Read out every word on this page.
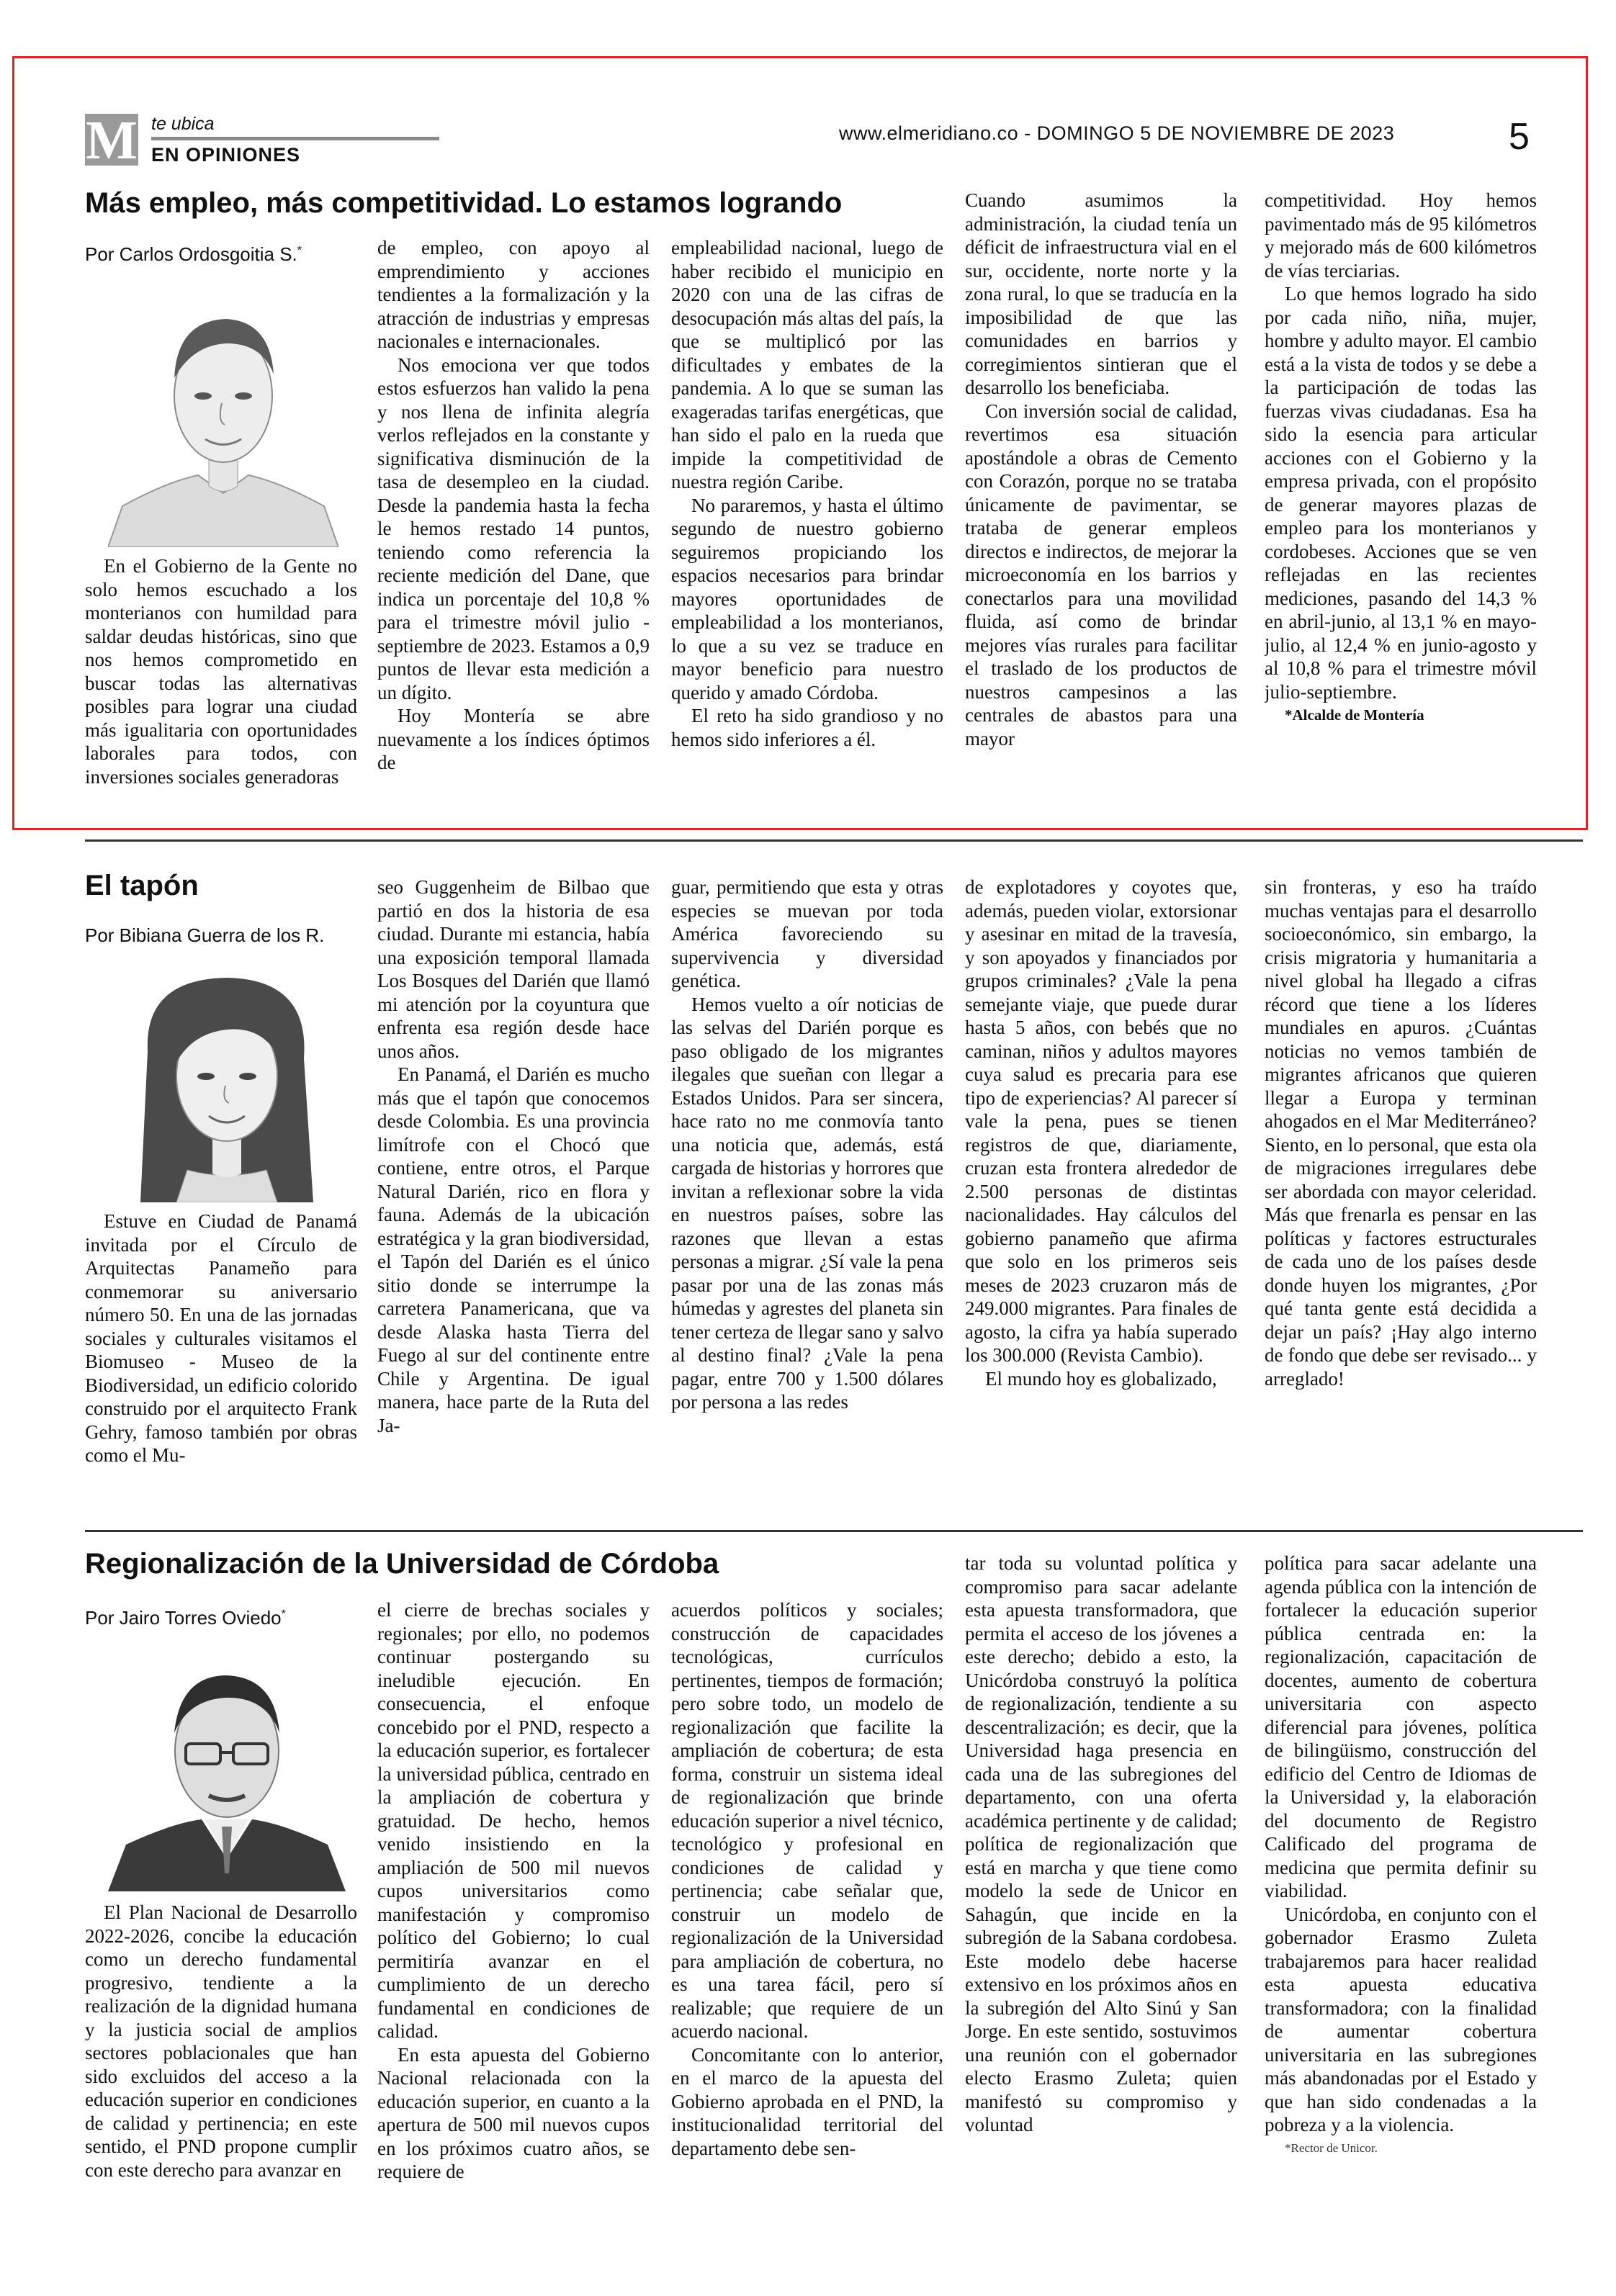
M te ubica
EN OPINIONES
www.elmeridiano.co - DOMINGO 5 DE NOVIEMBRE DE 2023	5
Más empleo, más competitividad. Lo estamos logrando
Por Carlos Ordosgoitia S.*

En el Gobierno de la Gente no solo hemos escuchado a los monterianos con humildad para saldar deudas históricas, sino que nos hemos comprometido en buscar todas las alternativas posibles para lograr una ciudad más igualitaria con oportunidades laborales para todos, con inversiones sociales generadoras

de empleo, con apoyo al emprendimiento y acciones tendientes a la formalización y la atracción de industrias y empresas nacionales e internacionales.

Nos emociona ver que todos estos esfuerzos han valido la pena y nos llena de infinita alegría verlos reflejados en la constante y significativa disminución de la tasa de desempleo en la ciudad. Desde la pandemia hasta la fecha le hemos restado 14 puntos, teniendo como referencia la reciente medición del Dane, que indica un porcentaje del 10,8 % para el trimestre móvil julio - septiembre de 2023. Estamos a 0,9 puntos de llevar esta medición a un dígito.

Hoy Montería se abre nuevamente a los índices óptimos de

empleabilidad nacional, luego de haber recibido el municipio en 2020 con una de las cifras de desocupación más altas del país, la que se multiplicó por las dificultades y embates de la pandemia. A lo que se suman las exageradas tarifas energéticas, que han sido el palo en la rueda que impide la competitividad de nuestra región Caribe.

No pararemos, y hasta el último segundo de nuestro gobierno seguiremos propiciando los espacios necesarios para brindar mayores oportunidades de empleabilidad a los monterianos, lo que a su vez se traduce en mayor beneficio para nuestro querido y amado Córdoba.

El reto ha sido grandioso y no hemos sido inferiores a él.

Cuando asumimos la administración, la ciudad tenía un déficit de infraestructura vial en el sur, occidente, norte norte y la zona rural, lo que se traducía en la imposibilidad de que las comunidades en barrios y corregimientos sintieran que el desarrollo los beneficiaba.

Con inversión social de calidad, revertimos esa situación apostándole a obras de Cemento con Corazón, porque no se trataba únicamente de pavimentar, se trataba de generar empleos directos e indirectos, de mejorar la microeconomía en los barrios y conectarlos para una movilidad fluida, así como de brindar mejores vías rurales para facilitar el traslado de los productos de nuestros campesinos a las centrales de abastos para una mayor

competitividad. Hoy hemos pavimentado más de 95 kilómetros y mejorado más de 600 kilómetros de vías terciarias.

Lo que hemos logrado ha sido por cada niño, niña, mujer, hombre y adulto mayor. El cambio está a la vista de todos y se debe a la participación de todas las fuerzas vivas ciudadanas. Esa ha sido la esencia para articular acciones con el Gobierno y la empresa privada, con el propósito de generar mayores plazas de empleo para los monterianos y cordobeses. Acciones que se ven reflejadas en las recientes mediciones, pasando del 14,3 % en abril-junio, al 13,1 % en mayo-julio, al 12,4 % en junio-agosto y al 10,8 % para el trimestre móvil julio-septiembre.

*Alcalde de Montería

El tapón
Por Bibiana Guerra de los R.

Estuve en Ciudad de Panamá invitada por el Círculo de Arquitectas Panameño para conmemorar su aniversario número 50. En una de las jornadas sociales y culturales visitamos el Biomuseo - Museo de la Biodiversidad, un edificio colorido construido por el arquitecto Frank Gehry, famoso también por obras como el Mu-

seo Guggenheim de Bilbao que partió en dos la historia de esa ciudad. Durante mi estancia, había una exposición temporal llamada Los Bosques del Darién que llamó mi atención por la coyuntura que enfrenta esa región desde hace unos años.

En Panamá, el Darién es mucho más que el tapón que conocemos desde Colombia. Es una provincia limítrofe con el Chocó que contiene, entre otros, el Parque Natural Darién, rico en flora y fauna. Además de la ubicación estratégica y la gran biodiversidad, el Tapón del Darién es el único sitio donde se interrumpe la carretera Panamericana, que va desde Alaska hasta Tierra del Fuego al sur del continente entre Chile y Argentina. De igual manera, hace parte de la Ruta del Ja-

guar, permitiendo que esta y otras especies se muevan por toda América favoreciendo su supervivencia y diversidad genética.

Hemos vuelto a oír noticias de las selvas del Darién porque es paso obligado de los migrantes ilegales que sueñan con llegar a Estados Unidos. Para ser sincera, hace rato no me conmovía tanto una noticia que, además, está cargada de historias y horrores que invitan a reflexionar sobre la vida en nuestros países, sobre las razones que llevan a estas personas a migrar. ¿Sí vale la pena pasar por una de las zonas más húmedas y agrestes del planeta sin tener certeza de llegar sano y salvo al destino final? ¿Vale la pena pagar, entre 700 y 1.500 dólares por persona a las redes

de explotadores y coyotes que, además, pueden violar, extorsionar y asesinar en mitad de la travesía, y son apoyados y financiados por grupos criminales? ¿Vale la pena semejante viaje, que puede durar hasta 5 años, con bebés que no caminan, niños y adultos mayores cuya salud es precaria para ese tipo de experiencias? Al parecer sí vale la pena, pues se tienen registros de que, diariamente, cruzan esta frontera alrededor de 2.500 personas de distintas nacionalidades. Hay cálculos del gobierno panameño que afirma que solo en los primeros seis meses de 2023 cruzaron más de 249.000 migrantes. Para finales de agosto, la cifra ya había superado los 300.000 (Revista Cambio).

El mundo hoy es globalizado,

sin fronteras, y eso ha traído muchas ventajas para el desarrollo socioeconómico, sin embargo, la crisis migratoria y humanitaria a nivel global ha llegado a cifras récord que tiene a los líderes mundiales en apuros. ¿Cuántas noticias no vemos también de migrantes africanos que quieren llegar a Europa y terminan ahogados en el Mar Mediterráneo? Siento, en lo personal, que esta ola de migraciones irregulares debe ser abordada con mayor celeridad. Más que frenarla es pensar en las políticas y factores estructurales de cada uno de los países desde donde huyen los migrantes, ¿Por qué tanta gente está decidida a dejar un país? ¡Hay algo interno de fondo que debe ser revisado... y arreglado!

Regionalización de la Universidad de Córdoba
Por Jairo Torres Oviedo*

El Plan Nacional de Desarrollo 2022-2026, concibe la educación como un derecho fundamental progresivo, tendiente a la realización de la dignidad humana y la justicia social de amplios sectores poblacionales que han sido excluidos del acceso a la educación superior en condiciones de calidad y pertinencia; en este sentido, el PND propone cumplir con este derecho para avanzar en

el cierre de brechas sociales y regionales; por ello, no podemos continuar postergando su ineludible ejecución. En consecuencia, el enfoque concebido por el PND, respecto a la educación superior, es fortalecer la universidad pública, centrado en la ampliación de cobertura y gratuidad. De hecho, hemos venido insistiendo en la ampliación de 500 mil nuevos cupos universitarios como manifestación y compromiso político del Gobierno; lo cual permitiría avanzar en el cumplimiento de un derecho fundamental en condiciones de calidad.

En esta apuesta del Gobierno Nacional relacionada con la educación superior, en cuanto a la apertura de 500 mil nuevos cupos en los próximos cuatro años, se requiere de

acuerdos políticos y sociales; construcción de capacidades tecnológicas, currículos pertinentes, tiempos de formación; pero sobre todo, un modelo de regionalización que facilite la ampliación de cobertura; de esta forma, construir un sistema ideal de regionalización que brinde educación superior a nivel técnico, tecnológico y profesional en condiciones de calidad y pertinencia; cabe señalar que, construir un modelo de regionalización de la Universidad para ampliación de cobertura, no es una tarea fácil, pero sí realizable; que requiere de un acuerdo nacional.

Concomitante con lo anterior, en el marco de la apuesta del Gobierno aprobada en el PND, la institucionalidad territorial del departamento debe sen-

tar toda su voluntad política y compromiso para sacar adelante esta apuesta transformadora, que permita el acceso de los jóvenes a este derecho; debido a esto, la Unicórdoba construyó la política de regionalización, tendiente a su descentralización; es decir, que la Universidad haga presencia en cada una de las subregiones del departamento, con una oferta académica pertinente y de calidad; política de regionalización que está en marcha y que tiene como modelo la sede de Unicor en Sahagún, que incide en la subregión de la Sabana cordobesa. Este modelo debe hacerse extensivo en los próximos años en la subregión del Alto Sinú y San Jorge. En este sentido, sostuvimos una reunión con el gobernador electo Erasmo Zuleta; quien manifestó su compromiso y voluntad

política para sacar adelante una agenda pública con la intención de fortalecer la educación superior pública centrada en: la regionalización, capacitación de docentes, aumento de cobertura universitaria con aspecto diferencial para jóvenes, política de bilingüismo, construcción del edificio del Centro de Idiomas de la Universidad y, la elaboración del documento de Registro Calificado del programa de medicina que permita definir su viabilidad.

Unicórdoba, en conjunto con el gobernador Erasmo Zuleta trabajaremos para hacer realidad esta apuesta educativa transformadora; con la finalidad de aumentar cobertura universitaria en las subregiones más abandonadas por el Estado y que han sido condenadas a la pobreza y a la violencia.

*Rector de Unicor.
